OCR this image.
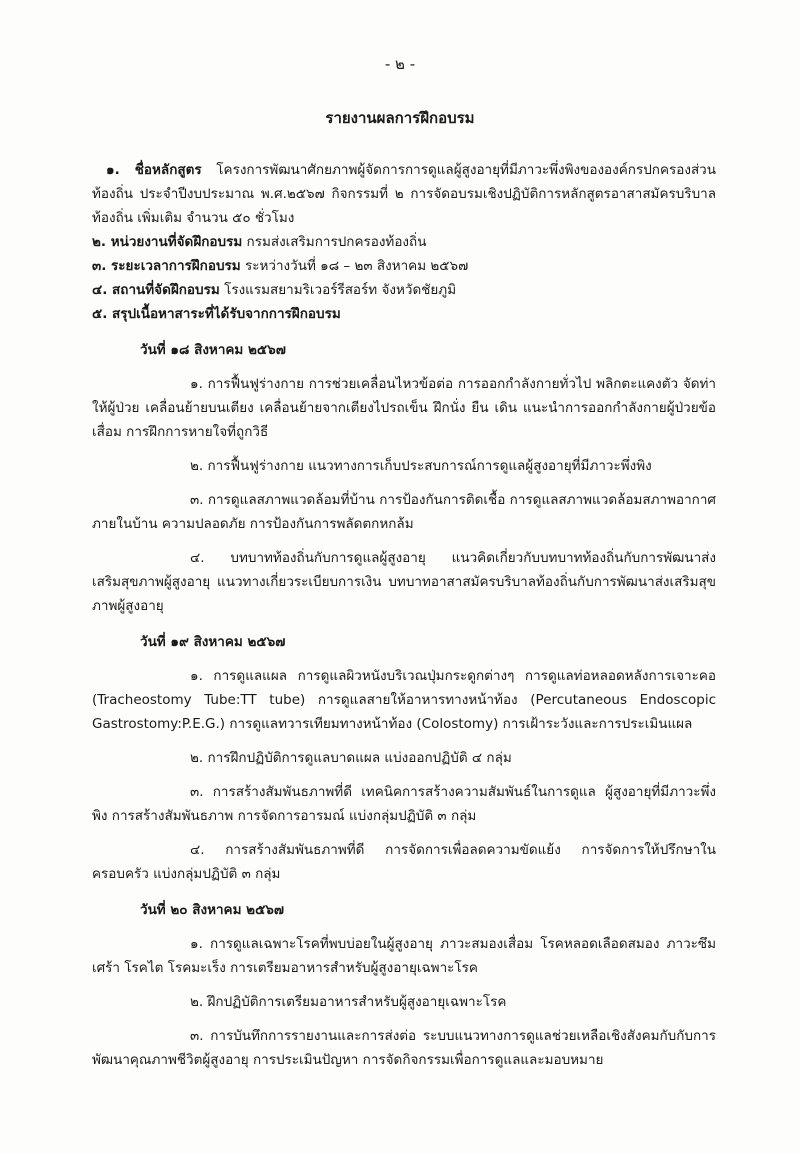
- ๒ -
รายงานผลการฝึกอบรม

๑. ชื่อหลักสูตร โครงการพัฒนาศักยภาพผู้จัดการการดูแลผู้สูงอายุที่มีภาวะพึ่งพิงขององค์กรปกครองส่วนท้องถิ่น ประจำปีงบประมาณ พ.ศ.๒๕๖๗ กิจกรรมที่ ๒ การจัดอบรมเชิงปฏิบัติการหลักสูตรอาสาสมัครบริบาลท้องถิ่น เพิ่มเติม จำนวน ๕๐ ชั่วโมง

๒. หน่วยงานที่จัดฝึกอบรม กรมส่งเสริมการปกครองท้องถิ่น

๓. ระยะเวลาการฝึกอบรม ระหว่างวันที่ ๑๘ – ๒๓ สิงหาคม ๒๕๖๗

๔. สถานที่จัดฝึกอบรม โรงแรมสยามริเวอร์รีสอร์ท จังหวัดชัยภูมิ

๕. สรุปเนื้อหาสาระที่ได้รับจากการฝึกอบรม

วันที่ ๑๘ สิงหาคม ๒๕๖๗

๑. การฟื้นฟูร่างกาย การช่วยเคลื่อนไหวข้อต่อ การออกกำลังกายทั่วไป พลิกตะแคงตัว จัดท่าให้ผู้ป่วย เคลื่อนย้ายบนเตียง เคลื่อนย้ายจากเตียงไปรถเข็น ฝึกนั่ง ยืน เดิน แนะนำการออกกำลังกายผู้ป่วยข้อเสื่อม การฝึกการหายใจที่ถูกวิธี

๒. การฟื้นฟูร่างกาย แนวทางการเก็บประสบการณ์การดูแลผู้สูงอายุที่มีภาวะพึ่งพิง

๓. การดูแลสภาพแวดล้อมที่บ้าน การป้องกันการติดเชื้อ การดูแลสภาพแวดล้อมสภาพอากาศภายในบ้าน ความปลอดภัย การป้องกันการพลัดตกหกล้ม

๔. บทบาทท้องถิ่นกับการดูแลผู้สูงอายุ แนวคิดเกี่ยวกับบทบาทท้องถิ่นกับการพัฒนาส่งเสริมสุขภาพผู้สูงอายุ แนวทางเกี่ยวระเบียบการเงิน บทบาทอาสาสมัครบริบาลท้องถิ่นกับการพัฒนาส่งเสริมสุขภาพผู้สูงอายุ

วันที่ ๑๙ สิงหาคม ๒๕๖๗

๑. การดูแลแผล การดูแลผิวหนังบริเวณปุ่มกระดูกต่างๆ การดูแลท่อหลอดหลังการเจาะคอ (Tracheostomy Tube:TT tube) การดูแลสายให้อาหารทางหน้าท้อง (Percutaneous Endoscopic Gastrostomy:P.E.G.) การดูแลทวารเทียมทางหน้าท้อง (Colostomy) การเฝ้าระวังและการประเมินแผล

๒. การฝึกปฏิบัติการดูแลบาดแผล แบ่งออกปฏิบัติ ๔ กลุ่ม

๓. การสร้างสัมพันธภาพที่ดี เทคนิคการสร้างความสัมพันธ์ในการดูแล ผู้สูงอายุที่มีภาวะพึ่งพิง การสร้างสัมพันธภาพ การจัดการอารมณ์ แบ่งกลุ่มปฏิบัติ ๓ กลุ่ม

๔. การสร้างสัมพันธภาพที่ดี การจัดการเพื่อลดความขัดแย้ง การจัดการให้ปรึกษาในครอบครัว แบ่งกลุ่มปฏิบัติ ๓ กลุ่ม

วันที่ ๒๐ สิงหาคม ๒๕๖๗

๑. การดูแลเฉพาะโรคที่พบบ่อยในผู้สูงอายุ ภาวะสมองเสื่อม โรคหลอดเลือดสมอง ภาวะซึมเศร้า โรคไต โรคมะเร็ง การเตรียมอาหารสำหรับผู้สูงอายุเฉพาะโรค

๒. ฝึกปฏิบัติการเตรียมอาหารสำหรับผู้สูงอายุเฉพาะโรค

๓. การบันทึกการรายงานและการส่งต่อ ระบบแนวทางการดูแลช่วยเหลือเชิงสังคมกับกับการพัฒนาคุณภาพชีวิตผู้สูงอายุ การประเมินปัญหา การจัดกิจกรรมเพื่อการดูแลและมอบหมาย
